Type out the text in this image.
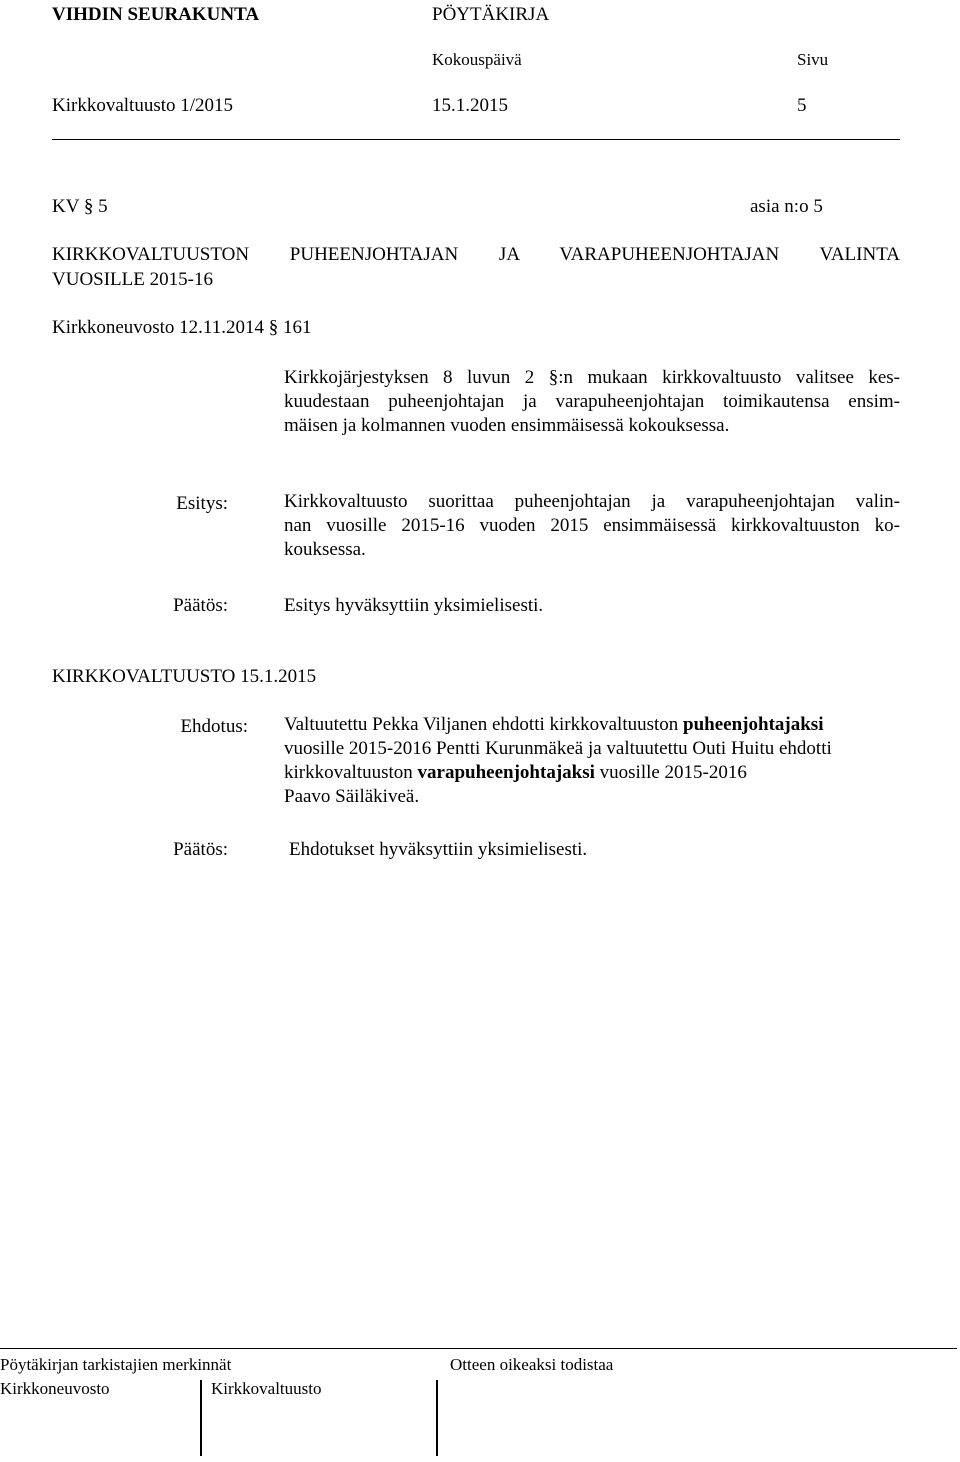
VIHDIN SEURAKUNTA	PÖYTÄKIRJA
Kokouspäivä	Sivu
Kirkkovaltuusto 1/2015	15.1.2015	5
KV § 5	asia n:o 5
KIRKKOVALTUUSTON PUHEENJOHTAJAN JA VARAPUHEENJOHTAJAN VALINTA
VUOSILLE 2015-16
Kirkkoneuvosto 12.11.2014 § 161
Kirkkojärjestyksen 8 luvun 2 §:n mukaan kirkkovaltuusto valitsee kes-
kuudestaan puheenjohtajan ja varapuheenjohtajan toimikautensa ensim-
mäisen ja kolmannen vuoden ensimmäisessä kokouksessa.
Esitys:	Kirkkovaltuusto suorittaa puheenjohtajan ja varapuheenjohtajan valin-
nan vuosille 2015-16 vuoden 2015 ensimmäisessä kirkkovaltuuston ko-
kouksessa.
Päätös:	Esitys hyväksyttiin yksimielisesti.
KIRKKOVALTUUSTO 15.1.2015
Ehdotus: Valtuutettu Pekka Viljanen ehdotti kirkkovaltuuston puheenjohtajaksi
vuosille 2015-2016 Pentti Kurunmäkeä ja valtuutettu Outi Huitu ehdotti
kirkkovaltuuston varapuheenjohtajaksi vuosille 2015-2016
Paavo Säiläkiveä.
Päätös:	Ehdotukset hyväksyttiin yksimielisesti.
Pöytäkirjan tarkistajien merkinnät	Otteen oikeaksi todistaa
Kirkkoneuvosto	Kirkkovaltuusto
